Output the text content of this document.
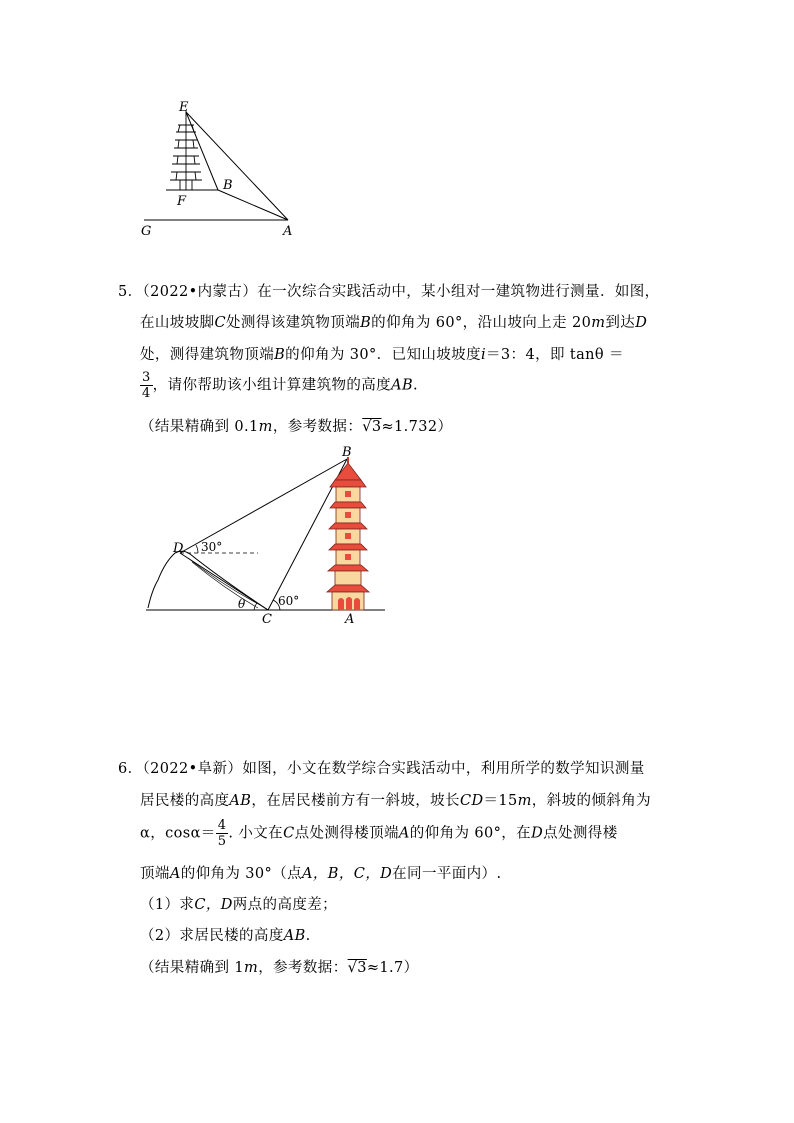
E
B
F
G	A
5．（2022•内蒙古）在一次综合实践活动中，某小组对一建筑物进行测量．如图，
在山坡坡脚C处测得该建筑物顶端B的仰角为 60°，沿山坡向上走 20m到达D
处，测得建筑物顶端B的仰角为 30°．已知山坡坡度i＝3：4，即 tanθ ＝
$\frac{3}{4}$ ，请你帮助该小组计算建筑物的高度AB.
（结果精确到 0.1m，参考数据：√3≈1.732）
B
D 30°
θ	60°
C	A
6．（2022•阜新）如图，小文在数学综合实践活动中，利用所学的数学知识测量
居民楼的高度AB，在居民楼前方有一斜坡，坡长CD＝15m，斜坡的倾斜角为
α，$\cos\alpha= \frac{4}{5}$ . 小文在C点处测得楼顶端A的仰角为 60°，在D点处测得楼
顶端A的仰角为 30°（点A，B，C，D在同一平面内）.
（1）求C，D两点的高度差；
（2）求居民楼的高度AB.
（结果精确到 1m，参考数据：√3≈1.7）
